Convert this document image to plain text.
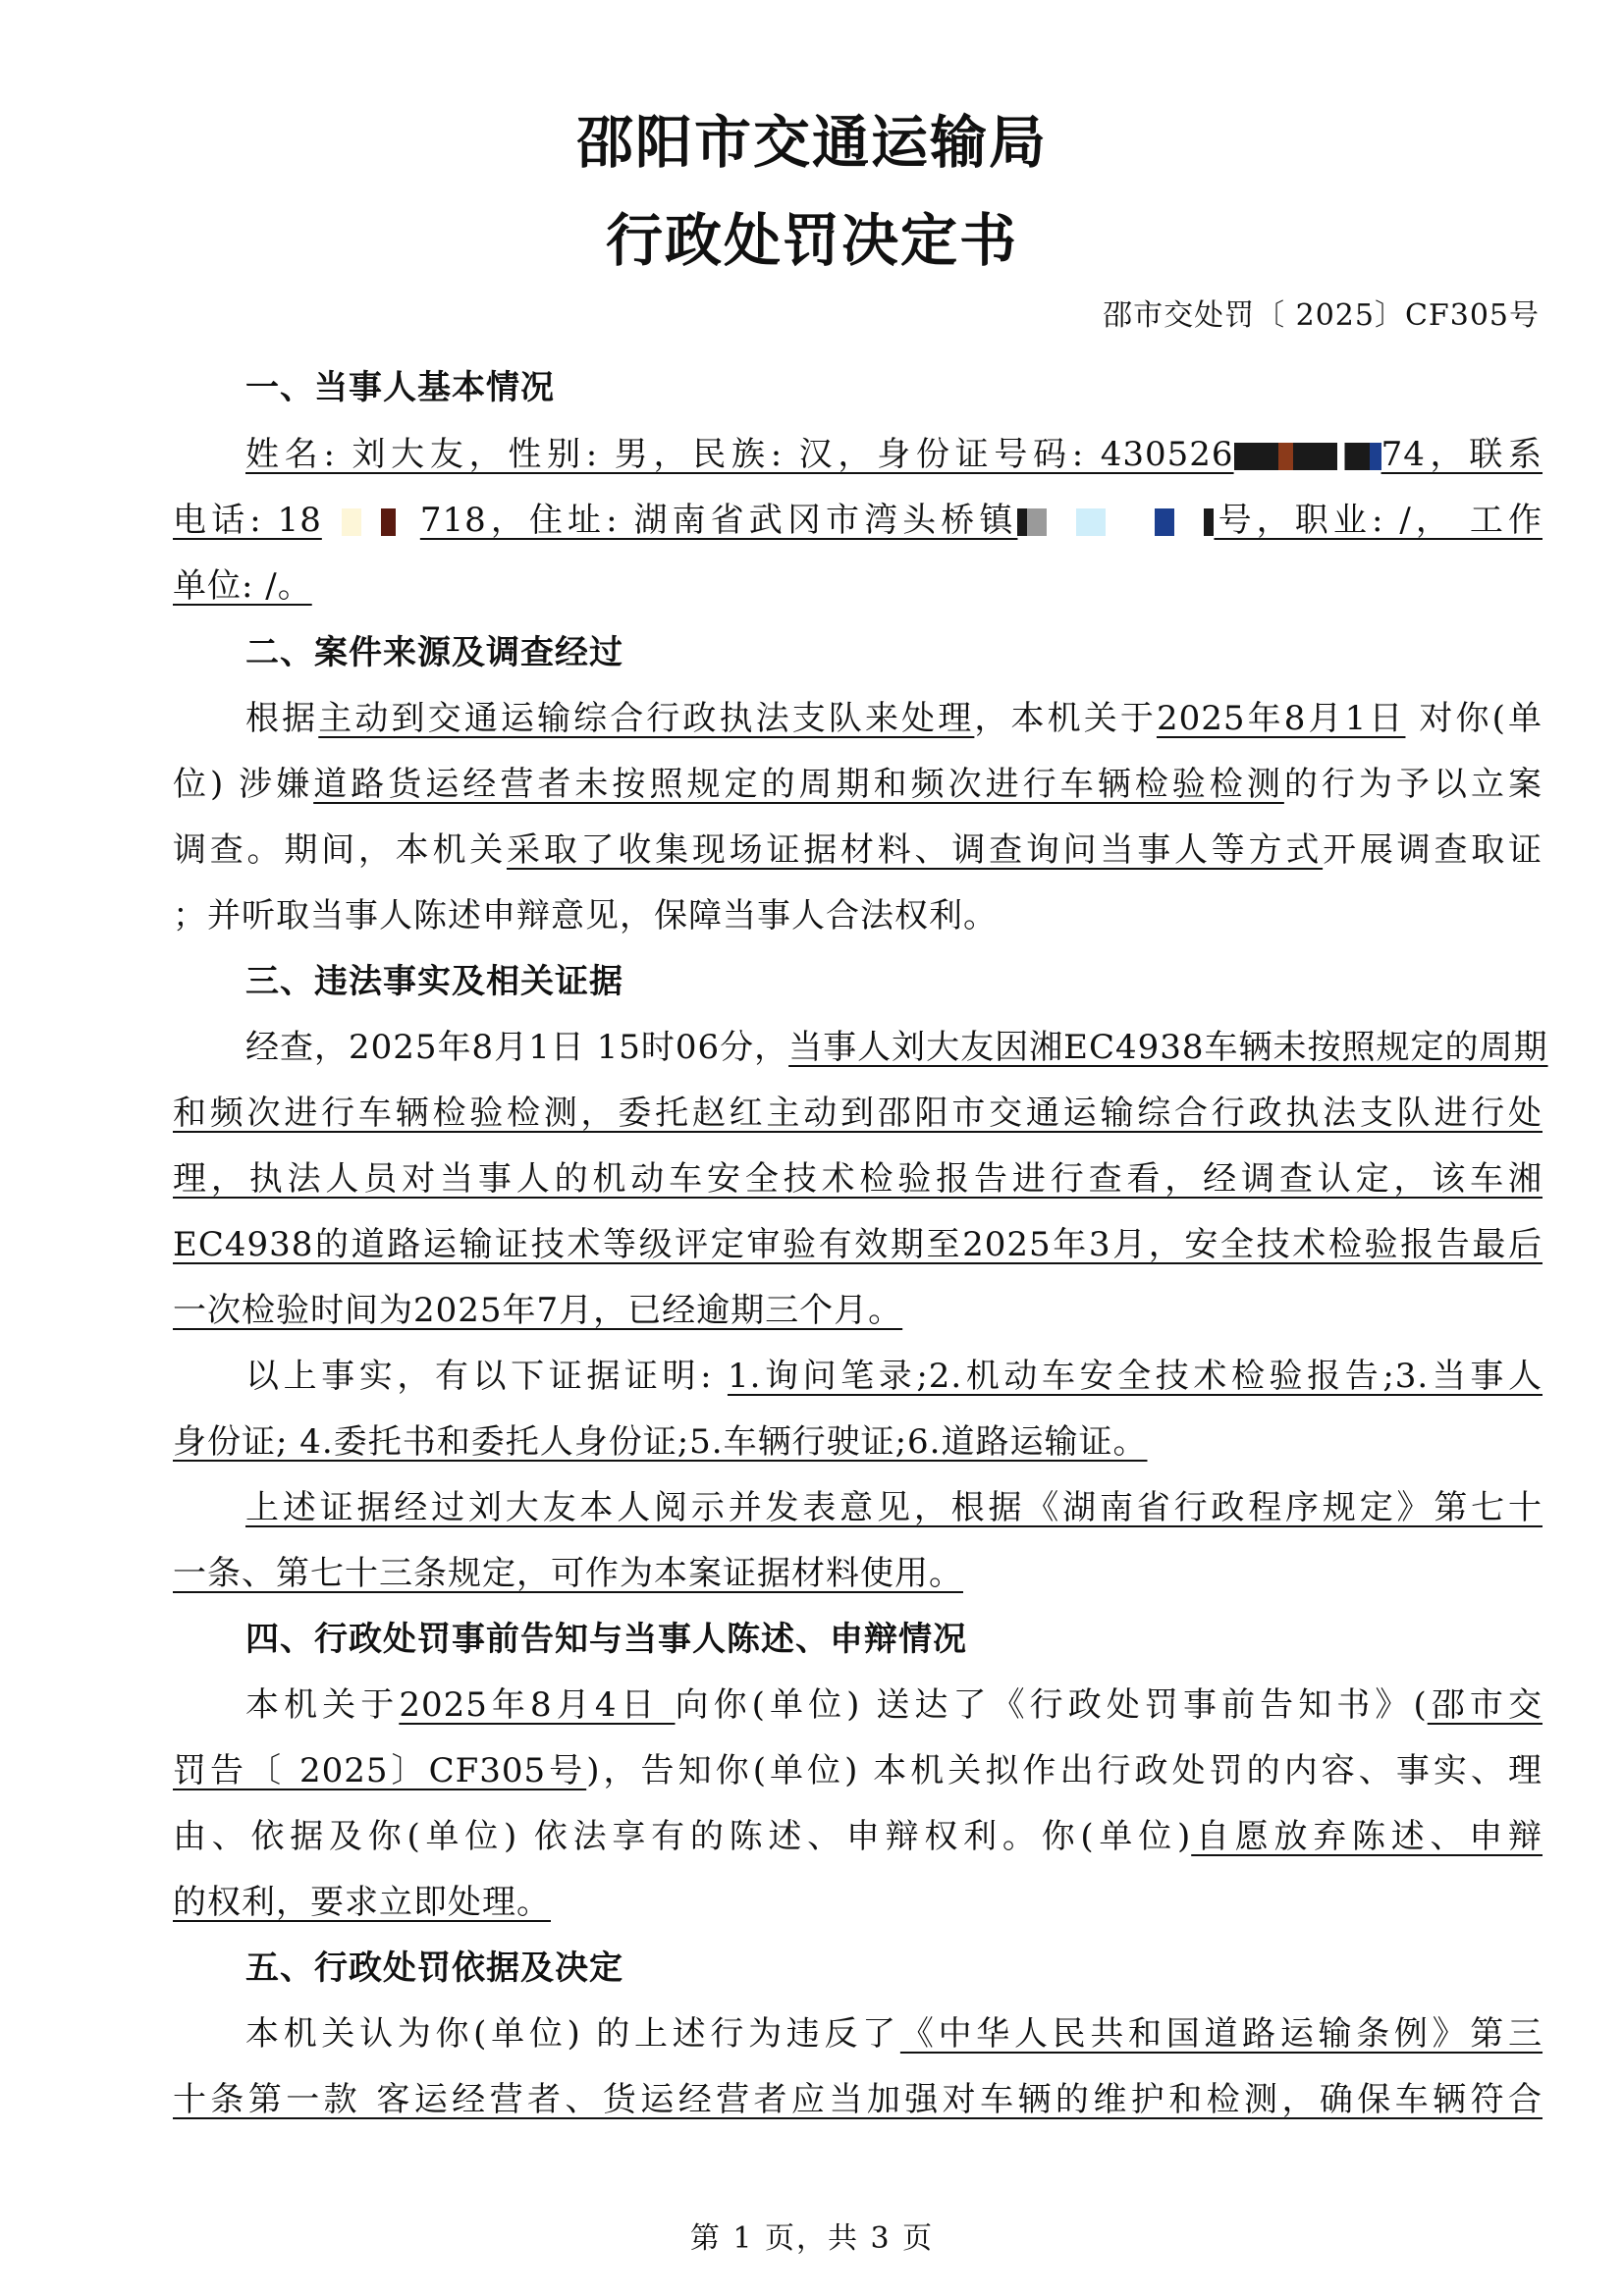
邵阳市交通运输局
行政处罚决定书
邵市交处罚〔 2025〕CF305号
一、当事人基本情况
姓名: 刘大友，性别: 男，民族: 汉，身份证号码: 430526	74，联系
电话: 18	718，住址: 湖南省武冈市湾头桥镇	号，职业: /， 工作
单位: /。
二、案件来源及调查经过
根据主动到交通运输综合行政执法支队来处理，本机关于2025年8月1日 对你(单
位) 涉嫌道路货运经营者未按照规定的周期和频次进行车辆检验检测的行为予以立案
调查。期间，本机关采取了收集现场证据材料、调查询问当事人等方式开展调查取证
；并听取当事人陈述申辩意见，保障当事人合法权利。
三、违法事实及相关证据
经查，2025年8月1日 15时06分，当事人刘大友因湘EC4938车辆未按照规定的周期
和频次进行车辆检验检测，委托赵红主动到邵阳市交通运输综合行政执法支队进行处
理，执法人员对当事人的机动车安全技术检验报告进行查看，经调查认定，该车湘
EC4938的道路运输证技术等级评定审验有效期至2025年3月，安全技术检验报告最后
一次检验时间为2025年7月，已经逾期三个月。
以上事实，有以下证据证明: 1.询问笔录;2.机动车安全技术检验报告;3.当事人
身份证; 4.委托书和委托人身份证;5.车辆行驶证;6.道路运输证。
上述证据经过刘大友本人阅示并发表意见，根据《湖南省行政程序规定》第七十
一条、第七十三条规定，可作为本案证据材料使用。
四、行政处罚事前告知与当事人陈述、申辩情况
本机关于2025年8月4日 向你(单位) 送达了《行政处罚事前告知书》(邵市交
罚告〔 2025〕CF305号)，告知你(单位) 本机关拟作出行政处罚的内容、事实、理
由、依据及你(单位) 依法享有的陈述、申辩权利。你(单位)自愿放弃陈述、申辩
的权利，要求立即处理。
五、行政处罚依据及决定
本机关认为你(单位) 的上述行为违反了《中华人民共和国道路运输条例》第三
十条第一款 客运经营者、货运经营者应当加强对车辆的维护和检测，确保车辆符合
第 1 页，共 3 页
